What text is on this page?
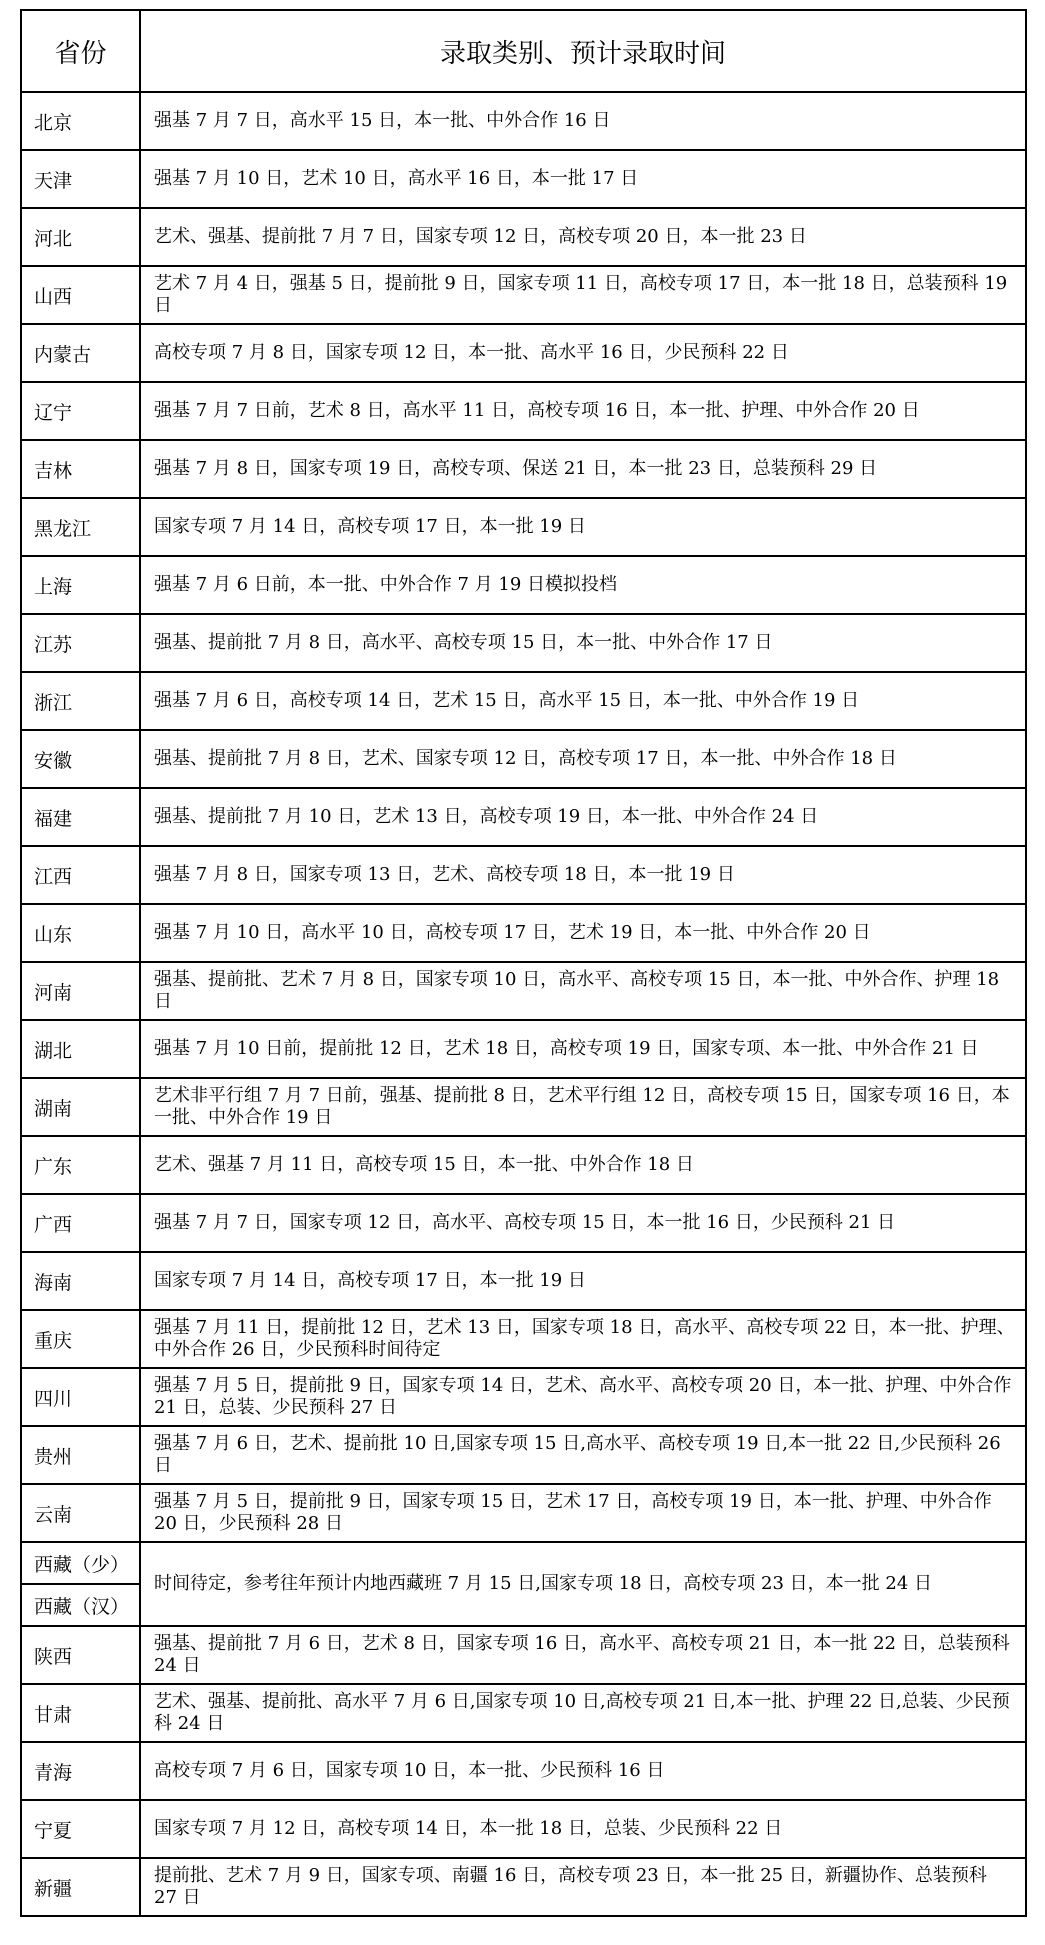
省份	录取类别、预计录取时间
北京	强基 7 月 7 日，高水平 15 日，本一批、中外合作 16 日
天津	强基 7 月 10 日，艺术 10 日，高水平 16 日，本一批 17 日
河北	艺术、强基、提前批 7 月 7 日，国家专项 12 日，高校专项 20 日，本一批 23 日
山西	艺术 7 月 4 日，强基 5 日，提前批 9 日，国家专项 11 日，高校专项 17 日，本一批 18 日，总装预科 19 日
内蒙古	高校专项 7 月 8 日，国家专项 12 日，本一批、高水平 16 日，少民预科 22 日
辽宁	强基 7 月 7 日前，艺术 8 日，高水平 11 日，高校专项 16 日，本一批、护理、中外合作 20 日
吉林	强基 7 月 8 日，国家专项 19 日，高校专项、保送 21 日，本一批 23 日，总装预科 29 日
黑龙江	国家专项 7 月 14 日，高校专项 17 日，本一批 19 日
上海	强基 7 月 6 日前，本一批、中外合作 7 月 19 日模拟投档
江苏	强基、提前批 7 月 8 日，高水平、高校专项 15 日，本一批、中外合作 17 日
浙江	强基 7 月 6 日，高校专项 14 日，艺术 15 日，高水平 15 日，本一批、中外合作 19 日
安徽	强基、提前批 7 月 8 日，艺术、国家专项 12 日，高校专项 17 日，本一批、中外合作 18 日
福建	强基、提前批 7 月 10 日，艺术 13 日，高校专项 19 日，本一批、中外合作 24 日
江西	强基 7 月 8 日，国家专项 13 日，艺术、高校专项 18 日，本一批 19 日
山东	强基 7 月 10 日，高水平 10 日，高校专项 17 日，艺术 19 日，本一批、中外合作 20 日
河南	强基、提前批、艺术 7 月 8 日，国家专项 10 日，高水平、高校专项 15 日，本一批、中外合作、护理 18 日
湖北	强基 7 月 10 日前，提前批 12 日，艺术 18 日，高校专项 19 日，国家专项、本一批、中外合作 21 日
湖南	艺术非平行组 7 月 7 日前，强基、提前批 8 日，艺术平行组 12 日，高校专项 15 日，国家专项 16 日，本一批、中外合作 19 日
广东	艺术、强基 7 月 11 日，高校专项 15 日，本一批、中外合作 18 日
广西	强基 7 月 7 日，国家专项 12 日，高水平、高校专项 15 日，本一批 16 日，少民预科 21 日
海南	国家专项 7 月 14 日，高校专项 17 日，本一批 19 日
重庆	强基 7 月 11 日，提前批 12 日，艺术 13 日，国家专项 18 日，高水平、高校专项 22 日，本一批、护理、中外合作 26 日，少民预科时间待定
四川	强基 7 月 5 日，提前批 9 日，国家专项 14 日，艺术、高水平、高校专项 20 日，本一批、护理、中外合作 21 日，总装、少民预科 27 日
贵州	强基 7 月 6 日，艺术、提前批 10 日,国家专项 15 日,高水平、高校专项 19 日,本一批 22 日,少民预科 26 日
云南	强基 7 月 5 日，提前批 9 日，国家专项 15 日，艺术 17 日，高校专项 19 日，本一批、护理、中外合作 20 日，少民预科 28 日
西藏（少）	时间待定，参考往年预计内地西藏班 7 月 15 日,国家专项 18 日，高校专项 23 日，本一批 24 日
西藏（汉）	
陕西	强基、提前批 7 月 6 日，艺术 8 日，国家专项 16 日，高水平、高校专项 21 日，本一批 22 日，总装预科 24 日
甘肃	艺术、强基、提前批、高水平 7 月 6 日,国家专项 10 日,高校专项 21 日,本一批、护理 22 日,总装、少民预科 24 日
青海	高校专项 7 月 6 日，国家专项 10 日，本一批、少民预科 16 日
宁夏	国家专项 7 月 12 日，高校专项 14 日，本一批 18 日，总装、少民预科 22 日
新疆	提前批、艺术 7 月 9 日，国家专项、南疆 16 日，高校专项 23 日，本一批 25 日，新疆协作、总装预科 27 日
